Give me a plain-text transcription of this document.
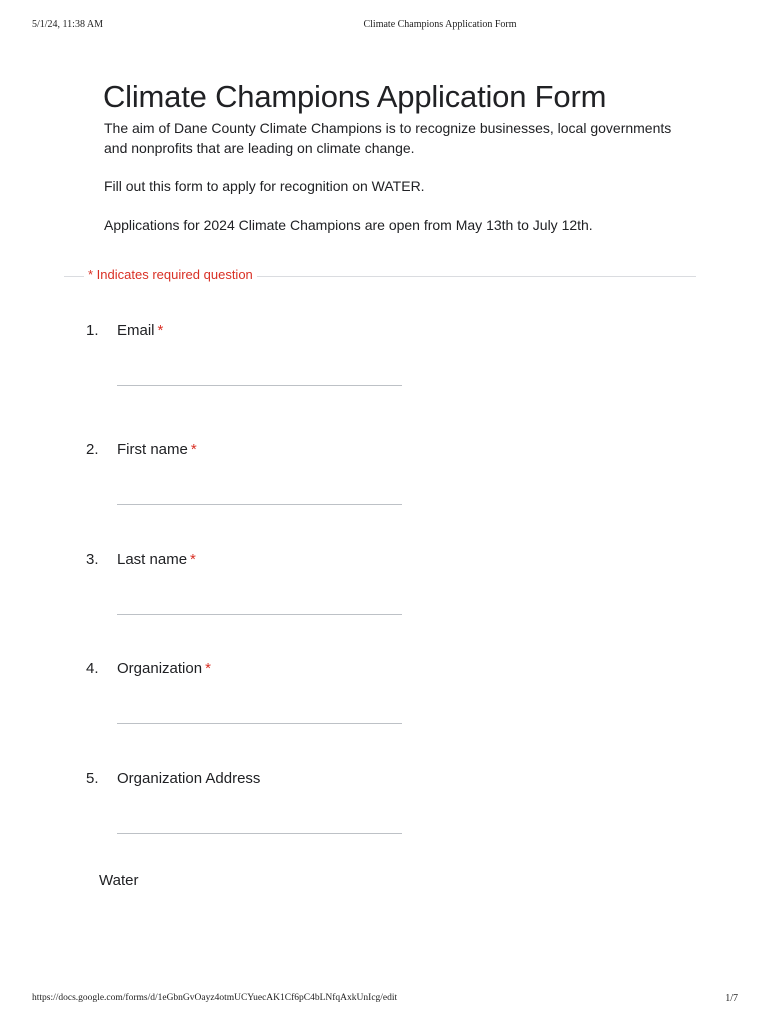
5/1/24, 11:38 AM	Climate Champions Application Form
Climate Champions Application Form

The aim of Dane County Climate Champions is to recognize businesses, local governments and nonprofits that are leading on climate change.

Fill out this form to apply for recognition on WATER.

Applications for 2024 Climate Champions are open from May 13th to July 12th.

* Indicates required question
1. Email *
2. First name *
3. Last name *
4. Organization *
5. Organization Address
Water
https://docs.google.com/forms/d/1eGbnGvOayz4otmUCYuecAK1Cf6pC4bLNfqAxkUnIcg/edit	1/7
